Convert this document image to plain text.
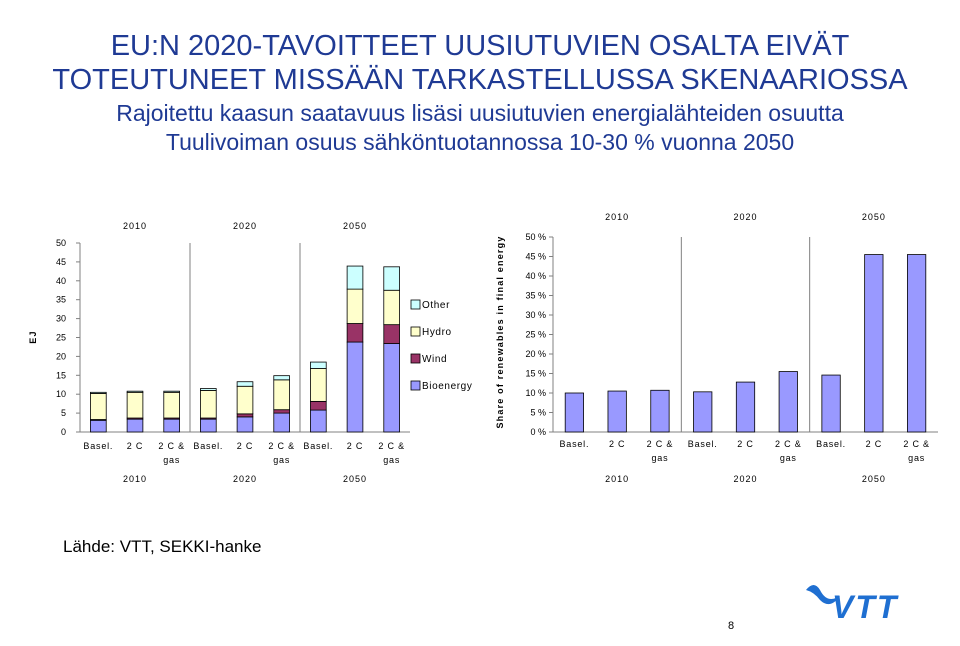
EU:N 2020-TAVOITTEET UUSIUTUVIEN OSALTA EIVÄT
TOTEUTUNEET MISSÄÄN TARKASTELLUSSA SKENAARIOSSA
Rajoitettu kaasun saatavuus lisäsi uusiutuvien energialähteiden osuutta
Tuulivoiman osuus sähköntuotannossa 10-30 % vuonna 2050
EJ
0
5
10
15
20
25
30
35
40
45
50
Basel. 2 C 2 C &
gas
Basel. 2 C 2 C &
gas
Basel. 2 C 2 C &
gas
2010	2020	2050
2010	2020	2050
Other
Hydro
Wind
Bioenergy	Share of renewables in final energy
0 %
5 %
10 %
15 %
20 %
25 %
30 %
35 %
40 %
45 %
50 %
Basel. 2 C 2 C &
gas
Basel. 2 C 2 C &
gas
Basel. 2 C 2 C &
gas
2010	2020	2050
2010	2020	2050
Lähde: VTT, SEKKI-hanke
VTT
8
